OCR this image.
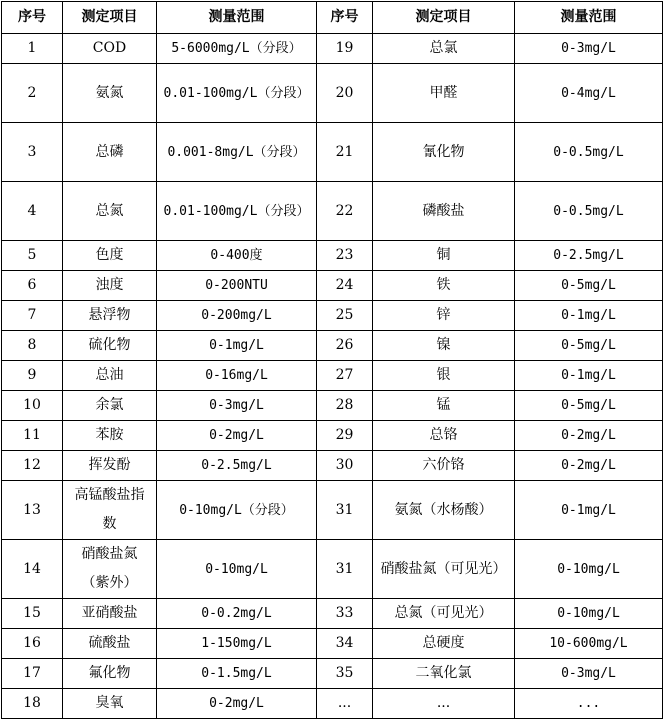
序号	测定项目	测量范围	序号	测定项目	测量范围
1	COD	5-6000mg/L（分段）	19	总氯	0-3mg/L
2	氨氮	0.01-100mg/L（分段）	20	甲醛	0-4mg/L
3	总磷	0.001-8mg/L（分段）	21	氰化物	0-0.5mg/L
4	总氮	0.01-100mg/L（分段）	22	磷酸盐	0-0.5mg/L
5	色度	0-400度	23	铜	0-2.5mg/L
6	浊度	0-200NTU	24	铁	0-5mg/L
7	悬浮物	0-200mg/L	25	锌	0-1mg/L
8	硫化物	0-1mg/L	26	镍	0-5mg/L
9	总油	0-16mg/L	27	银	0-1mg/L
10	余氯	0-3mg/L	28	锰	0-5mg/L
11	苯胺	0-2mg/L	29	总铬	0-2mg/L
12	挥发酚	0-2.5mg/L	30	六价铬	0-2mg/L
13	高锰酸盐指数	0-10mg/L（分段）	31	氨氮（水杨酸）	0-1mg/L
14	硝酸盐氮（紫外）	0-10mg/L	31	硝酸盐氮（可见光）	0-10mg/L
15	亚硝酸盐	0-0.2mg/L	33	总氮（可见光）	0-10mg/L
16	硫酸盐	1-150mg/L	34	总硬度	10-600mg/L
17	氟化物	0-1.5mg/L	35	二氧化氯	0-3mg/L
18	臭氧	0-2mg/L	...	...	...
